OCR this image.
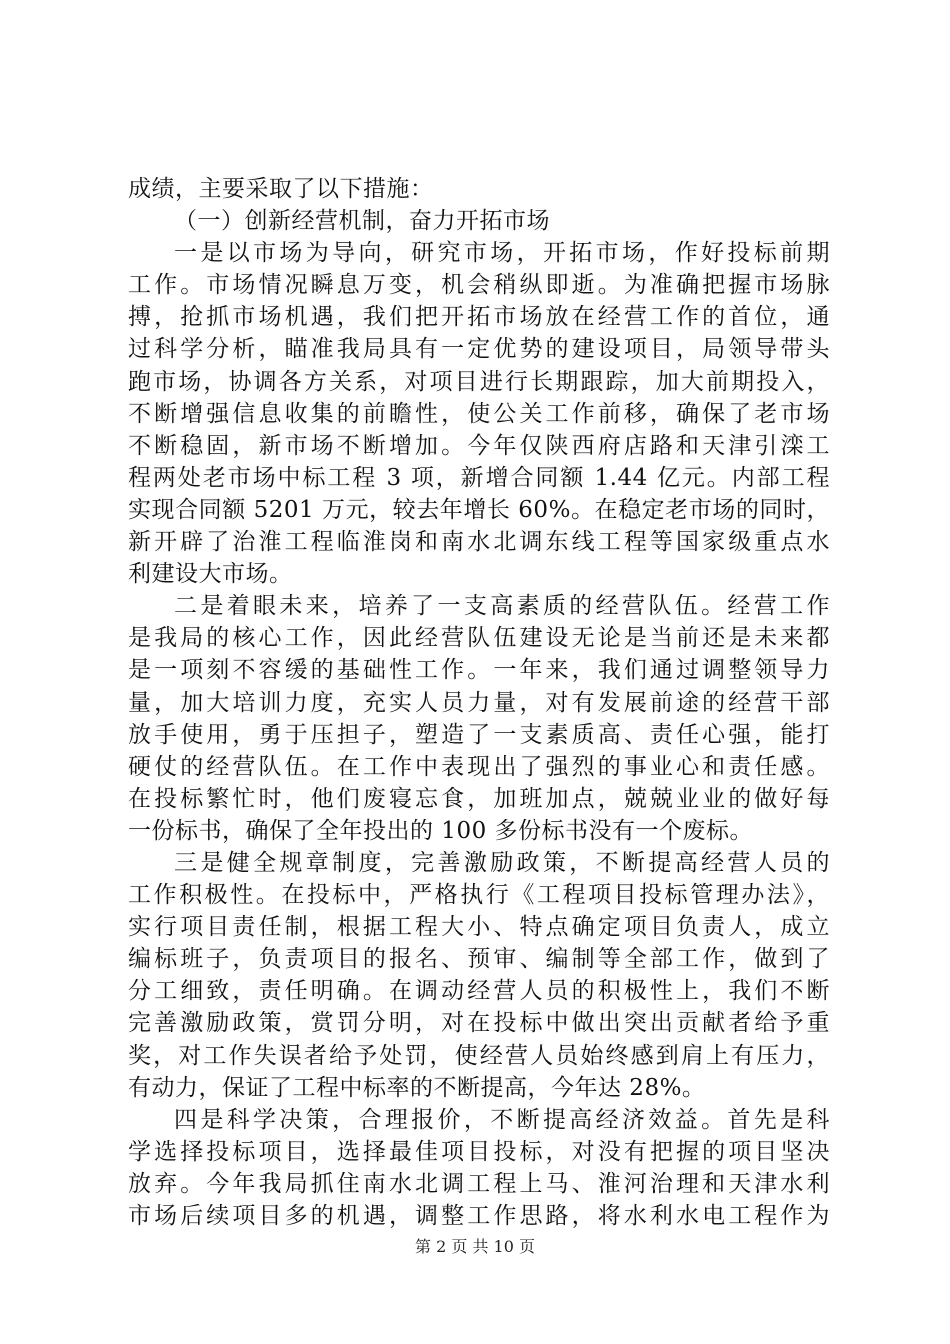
成绩，主要采取了以下措施：
（一）创新经营机制，奋力开拓市场
一是以市场为导向，研究市场，开拓市场，作好投标前期
工作。市场情况瞬息万变，机会稍纵即逝。为准确把握市场脉
搏，抢抓市场机遇，我们把开拓市场放在经营工作的首位，通
过科学分析，瞄准我局具有一定优势的建设项目，局领导带头
跑市场，协调各方关系，对项目进行长期跟踪，加大前期投入，
不断增强信息收集的前瞻性，使公关工作前移，确保了老市场
不断稳固，新市场不断增加。今年仅陕西府店路和天津引滦工
程两处老市场中标工程 3 项，新增合同额 1.44 亿元。内部工程
实现合同额 5201 万元，较去年增长 60%。在稳定老市场的同时，
新开辟了治淮工程临淮岗和南水北调东线工程等国家级重点水
利建设大市场。
二是着眼未来，培养了一支高素质的经营队伍。经营工作
是我局的核心工作，因此经营队伍建设无论是当前还是未来都
是一项刻不容缓的基础性工作。一年来，我们通过调整领导力
量，加大培训力度，充实人员力量，对有发展前途的经营干部
放手使用，勇于压担子，塑造了一支素质高、责任心强，能打
硬仗的经营队伍。在工作中表现出了强烈的事业心和责任感。
在投标繁忙时，他们废寝忘食，加班加点，兢兢业业的做好每
一份标书，确保了全年投出的 100 多份标书没有一个废标。
三是健全规章制度，完善激励政策，不断提高经营人员的
工作积极性。在投标中，严格执行《工程项目投标管理办法》，
实行项目责任制，根据工程大小、特点确定项目负责人，成立
编标班子，负责项目的报名、预审、编制等全部工作，做到了
分工细致，责任明确。在调动经营人员的积极性上，我们不断
完善激励政策，赏罚分明，对在投标中做出突出贡献者给予重
奖，对工作失误者给予处罚，使经营人员始终感到肩上有压力，
有动力，保证了工程中标率的不断提高，今年达 28%。
四是科学决策，合理报价，不断提高经济效益。首先是科
学选择投标项目，选择最佳项目投标，对没有把握的项目坚决
放弃。今年我局抓住南水北调工程上马、淮河治理和天津水利
市场后续项目多的机遇，调整工作思路，将水利水电工程作为
第 2 页 共 10 页
